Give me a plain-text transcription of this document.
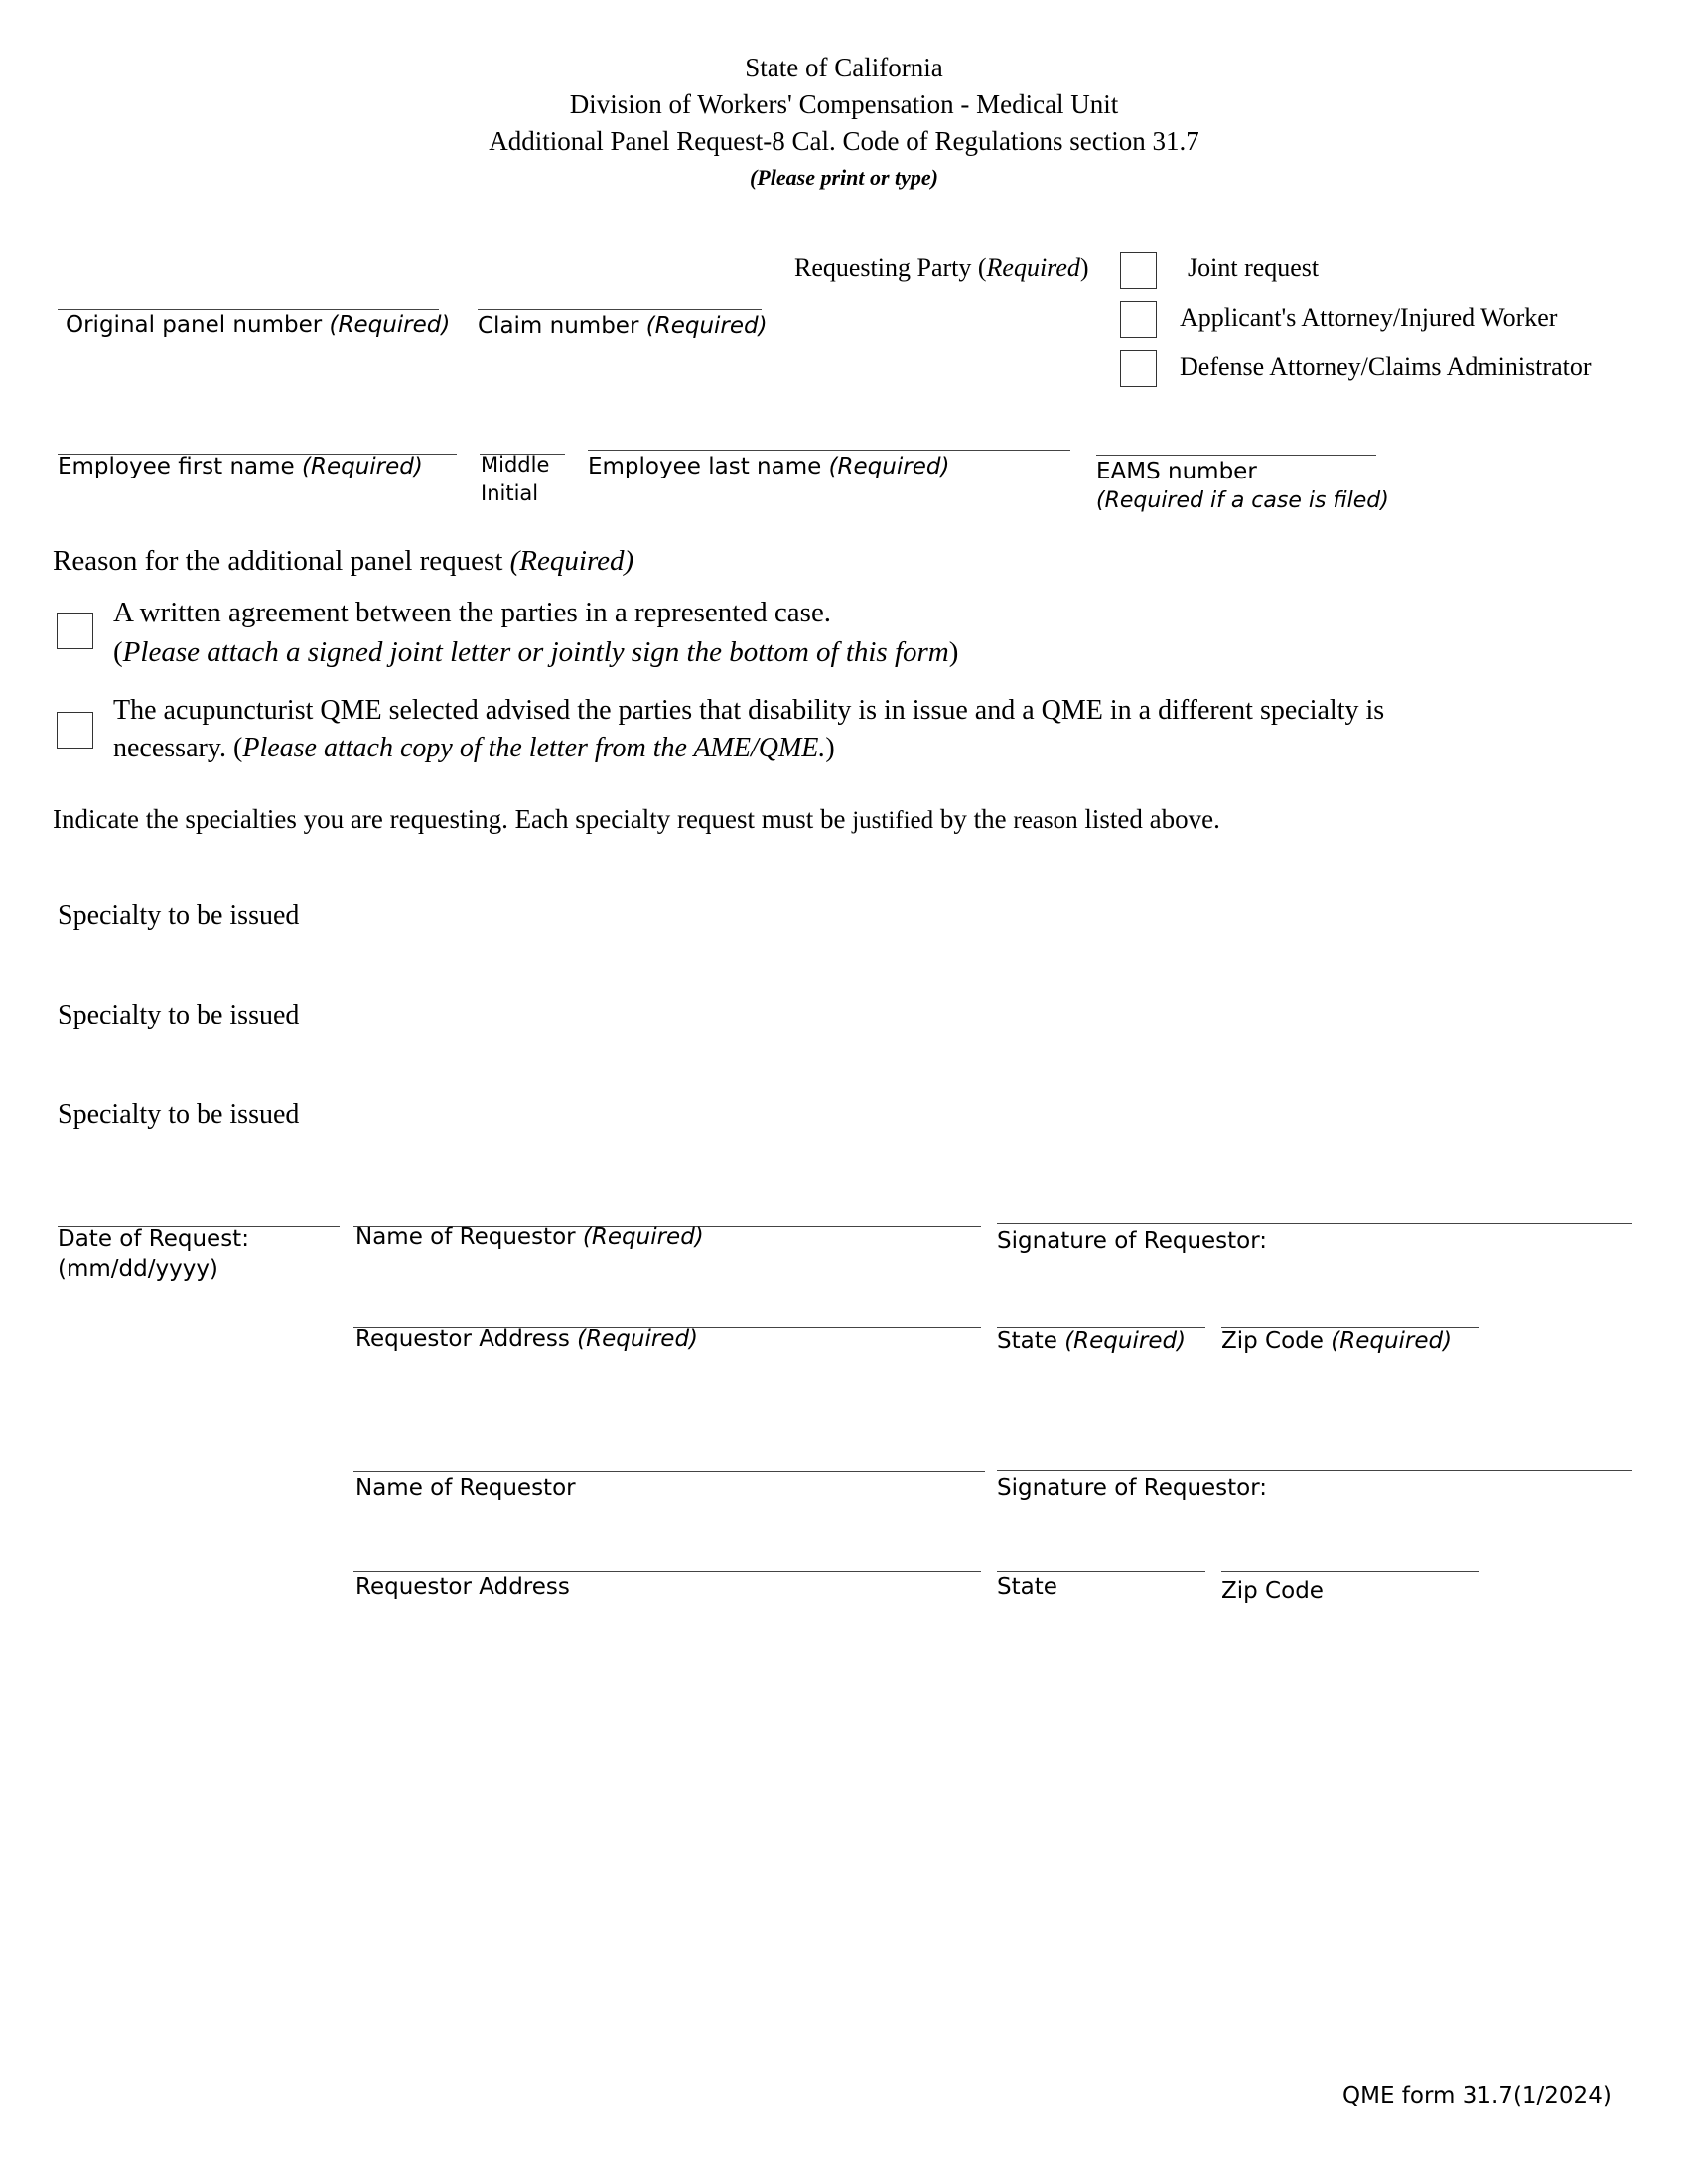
State of California
Division of Workers' Compensation - Medical Unit
Additional Panel Request-8 Cal. Code of Regulations section 31.7
(Please print or type)
Requesting Party (Required)	Joint request
Applicant's Attorney/Injured Worker
Defense Attorney/Claims Administrator
Original panel number (Required) Claim number (Required)
Employee first name (Required)	Middle
Initial
Employee last name (Required)	EAMS number
(Required if a case is filed)
Reason for the additional panel request (Required)
A written agreement between the parties in a represented case.
(Please attach a signed joint letter or jointly sign the bottom of this form)
The acupuncturist QME selected advised the parties that disability is in issue and a QME in a different specialty is
necessary. (Please attach copy of the letter from the AME/QME.)
Indicate the specialties you are requesting. Each specialty request must be justified by the reason listed above.
Specialty to be issued
Specialty to be issued
Specialty to be issued
Date of Request:
(mm/dd/yyyy)
Name of Requestor (Required)	Signature of Requestor:
Requestor Address (Required)	State (Required) Zip Code (Required)
Name of Requestor	Signature of Requestor:
Requestor Address	State	Zip Code
QME form 31.7(1/2024)
